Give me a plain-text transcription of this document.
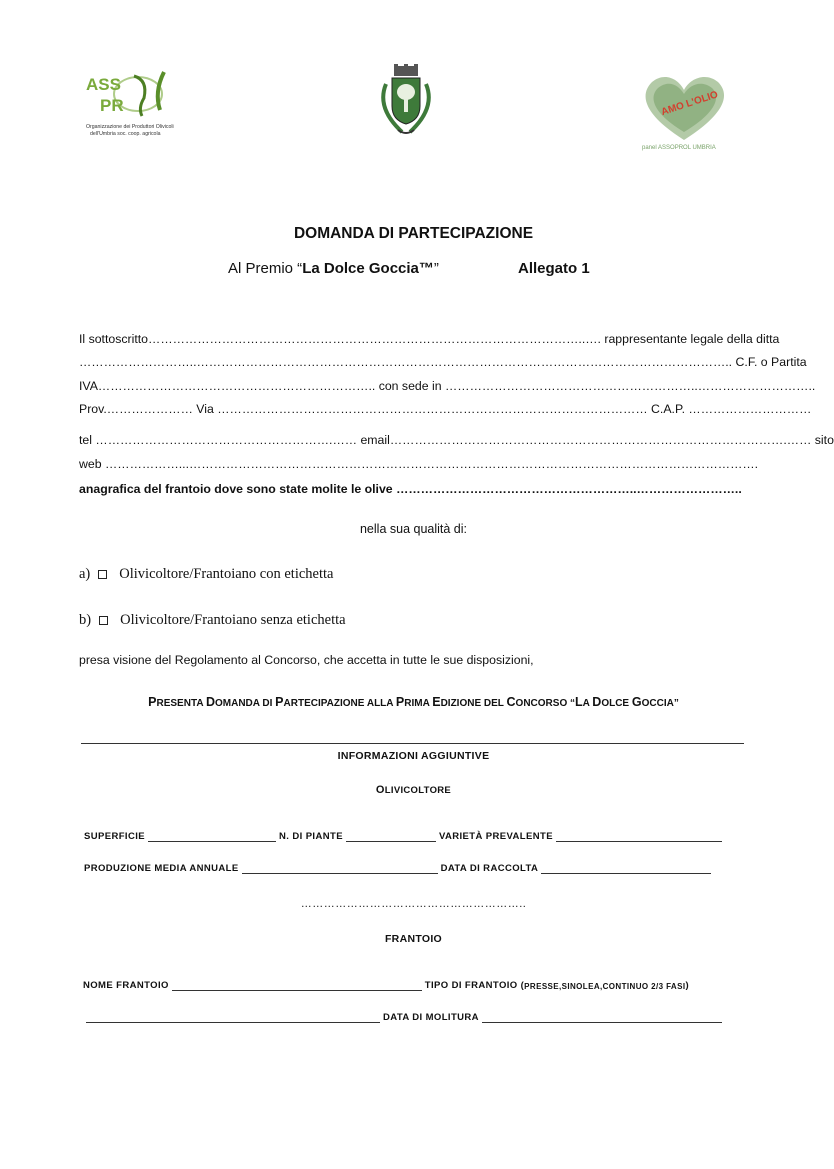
ASS
PR
Organizzazione dei Produttori Olivicoli
dell'Umbria soc. coop. agricola
AMO L'OLIO
panel ASSOPROL UMBRIA
DOMANDA DI PARTECIPAZIONE
Al Premio “La Dolce Goccia™”	Allegato 1
Il sottoscritto……………………………………………………………………………………………..…. rappresentante legale della ditta
………………………..………………………………………………………………………………………………………………….. C.F. o Partita
IVA………………………………………………………….. con sede in ……………………………………………………..………………………..
Prov.………………… Via …………………………………………………………………………………………… C.A.P. …………………………
tel ………………………………………………….…… email…………………………………………………………………………………….…… sito
web ………………...………………………………………………………………………………………………………………………….
anagrafica del frantoio dove sono state molite le olive …………………………………………………..……………………..
nella sua qualità di:
a) Olivicoltore/Frantoiano con etichetta
b) Olivicoltore/Frantoiano senza etichetta
presa visione del Regolamento al Concorso, che accetta in tutte le sue disposizioni,
PRESENTA DOMANDA DI PARTECIPAZIONE ALLA PRIMA EDIZIONE DEL CONCORSO “LA DOLCE GOCCIA”
INFORMAZIONI AGGIUNTIVE
OLIVICOLTORE
SUPERFICIE	N. DI PIANTE	VARIETÀ PREVALENTE
PRODUZIONE MEDIA ANNUALE	DATA DI RACCOLTA
…………………………………………………..
FRANTOIO
NOME FRANTOIO	TIPO DI FRANTOIO ( PRESSE,SINOLEA,CONTINUO 2/3 FASI )
DATA DI MOLITURA
